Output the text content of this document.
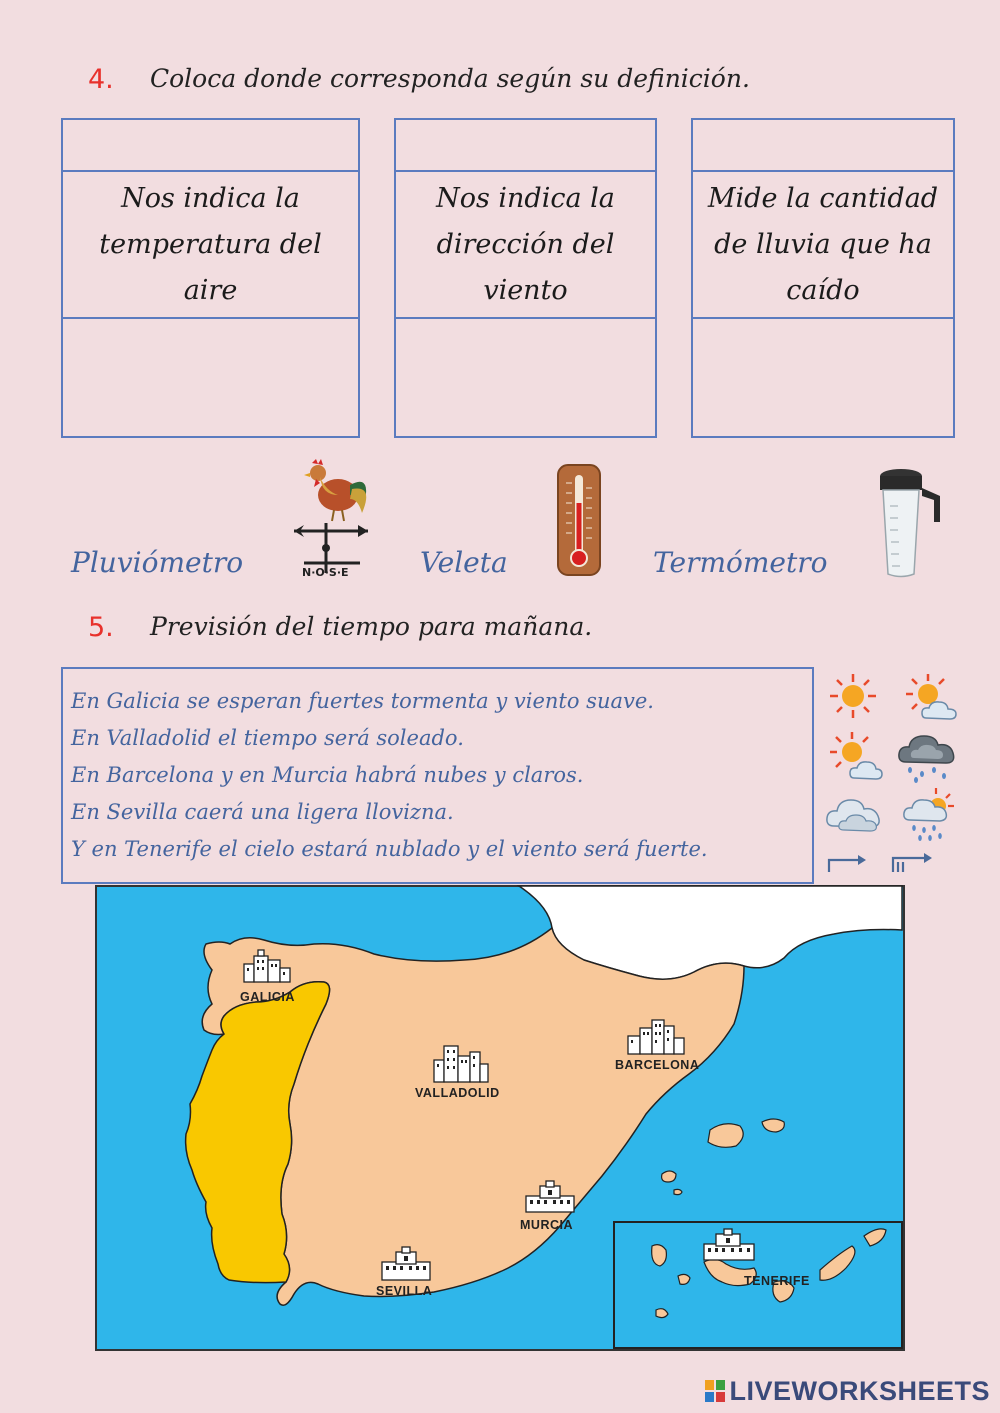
4. Coloca donde corresponda según su definición.
Nos indica la temperatura del aire
Nos indica la dirección del viento
Mide la cantidad de lluvia que ha caído
Pluviómetro	N·O·S·E	Veleta	Termómetro
5. Previsión del tiempo para mañana.
En Galicia se esperan fuertes tormenta y viento suave.
En Valladolid el tiempo será soleado.
En Barcelona y en Murcia habrá nubes y claros.
En Sevilla caerá una ligera llovizna.
Y en Tenerife el cielo estará nublado y el viento será fuerte.
GALICIA
VALLADOLID
BARCELONA
MURCIA
SEVILLA
TENERIFE
LIVEWORKSHEETS
